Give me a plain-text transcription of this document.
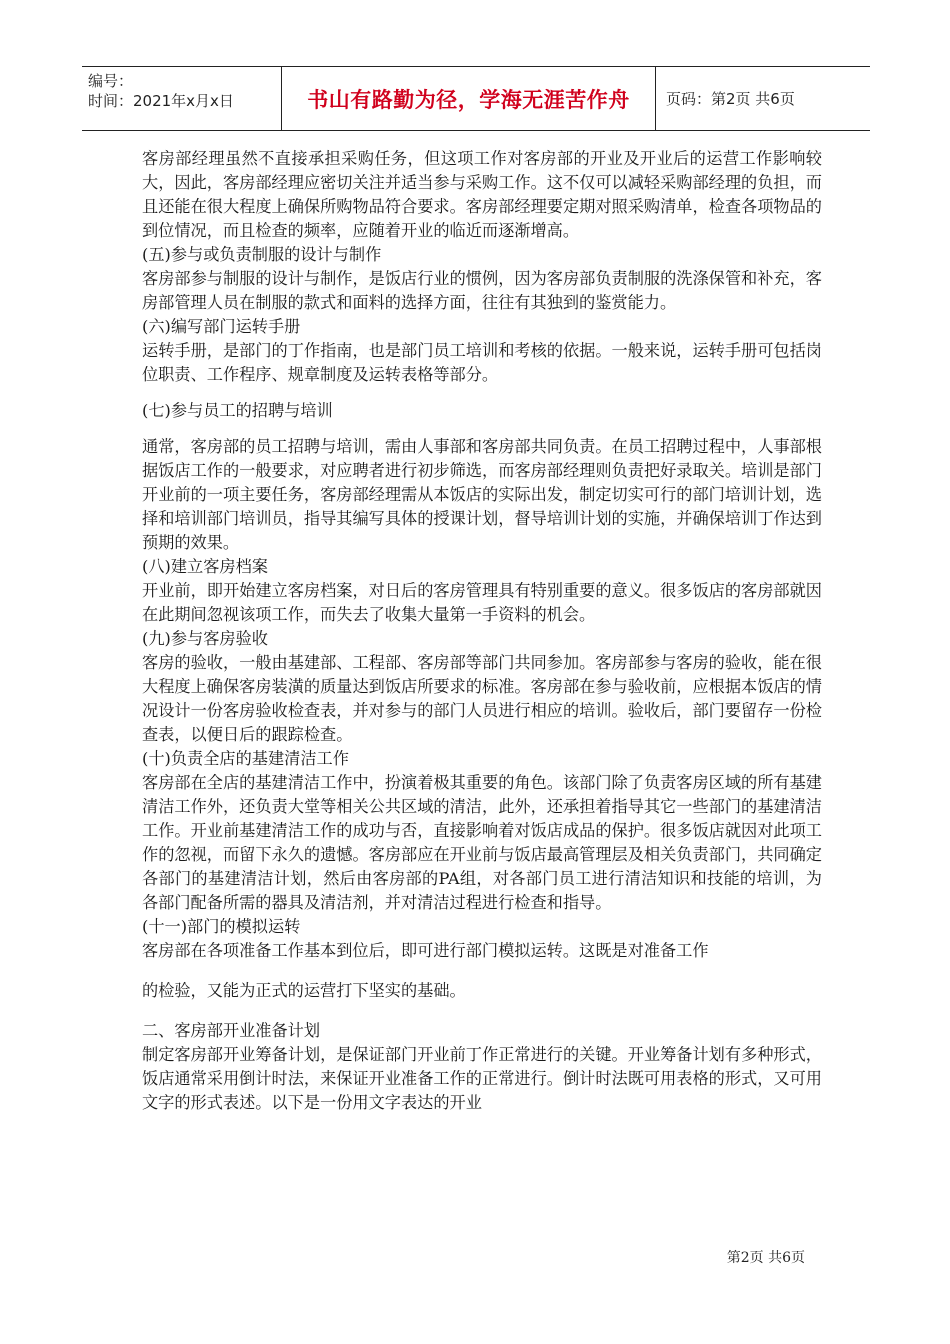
编号：
时间：2021年x月x日	书山有路勤为径，学海无涯苦作舟	页码：第2页 共6页

客房部经理虽然不直接承担采购任务，但这项工作对客房部的开业及开业后的运营工作影响较大，因此，客房部经理应密切关注并适当参与采购工作。这不仅可以减轻采购部经理的负担，而且还能在很大程度上确保所购物品符合要求。客房部经理要定期对照采购清单，检查各项物品的到位情况，而且检查的频率，应随着开业的临近而逐渐增高。

(五)参与或负责制服的设计与制作

客房部参与制服的设计与制作，是饭店行业的惯例，因为客房部负责制服的洗涤保管和补充，客房部管理人员在制服的款式和面料的选择方面，往往有其独到的鉴赏能力。

(六)编写部门运转手册

运转手册，是部门的丁作指南，也是部门员工培训和考核的依据。一般来说，运转手册可包括岗位职责、工作程序、规章制度及运转表格等部分。

(七)参与员工的招聘与培训

通常，客房部的员工招聘与培训，需由人事部和客房部共同负责。在员工招聘过程中，人事部根据饭店工作的一般要求，对应聘者进行初步筛选，而客房部经理则负责把好录取关。培训是部门开业前的一项主要任务，客房部经理需从本饭店的实际出发，制定切实可行的部门培训计划，选择和培训部门培训员，指导其编写具体的授课计划，督导培训计划的实施，并确保培训丁作达到预期的效果。

(八)建立客房档案

开业前，即开始建立客房档案，对日后的客房管理具有特别重要的意义。很多饭店的客房部就因在此期间忽视该项工作，而失去了收集大量第一手资料的机会。

(九)参与客房验收

客房的验收，一般由基建部、工程部、客房部等部门共同参加。客房部参与客房的验收，能在很大程度上确保客房装潢的质量达到饭店所要求的标准。客房部在参与验收前，应根据本饭店的情况设计一份客房验收检查表，并对参与的部门人员进行相应的培训。验收后，部门要留存一份检查表，以便日后的跟踪检查。

(十)负责全店的基建清洁工作

客房部在全店的基建清洁工作中，扮演着极其重要的角色。该部门除了负责客房区域的所有基建清洁工作外，还负责大堂等相关公共区域的清洁，此外，还承担着指导其它一些部门的基建清洁工作。开业前基建清洁工作的成功与否，直接影响着对饭店成品的保护。很多饭店就因对此项工作的忽视，而留下永久的遗憾。客房部应在开业前与饭店最高管理层及相关负责部门，共同确定各部门的基建清洁计划，然后由客房部的PA组，对各部门员工进行清洁知识和技能的培训，为各部门配备所需的器具及清洁剂，并对清洁过程进行检查和指导。

(十一)部门的模拟运转

客房部在各项准备工作基本到位后，即可进行部门模拟运转。这既是对准备工作

的检验，又能为正式的运营打下坚实的基础。

二、客房部开业准备计划

制定客房部开业筹备计划，是保证部门开业前丁作正常进行的关键。开业筹备计划有多种形式，饭店通常采用倒计时法，来保证开业准备工作的正常进行。倒计时法既可用表格的形式，又可用文字的形式表述。以下是一份用文字表达的开业

第2页 共6页
